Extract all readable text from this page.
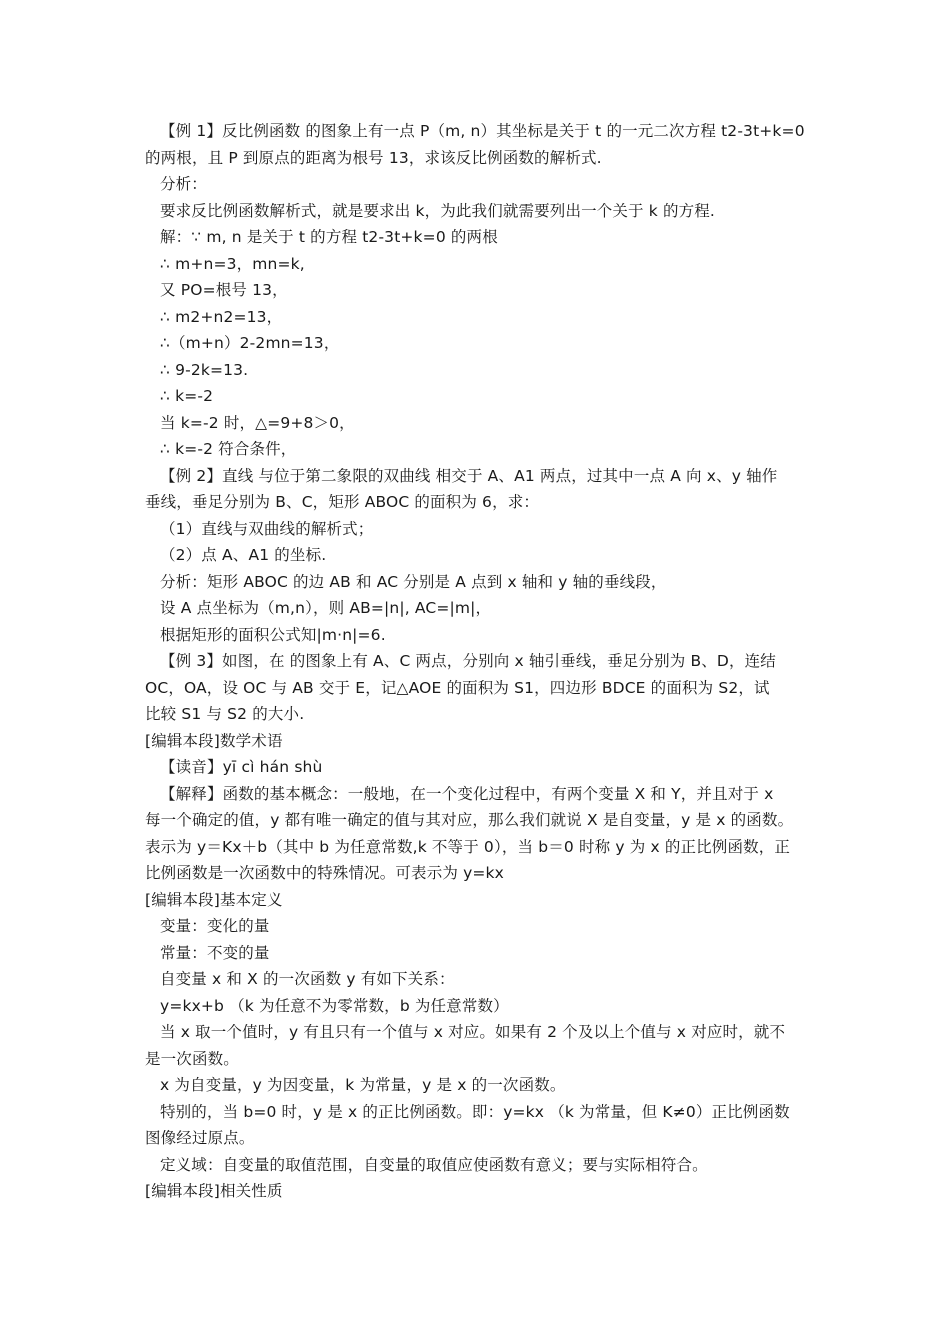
【例 1】反比例函数 的图象上有一点 P（m, n）其坐标是关于 t 的一元二次方程 t2-3t+k=0

的两根，且 P 到原点的距离为根号 13，求该反比例函数的解析式.

分析：

要求反比例函数解析式，就是要求出 k，为此我们就需要列出一个关于 k 的方程.

解：∵ m, n 是关于 t 的方程 t2-3t+k=0 的两根

∴ m+n=3，mn=k,

又 PO=根号 13，

∴ m2+n2=13，

∴（m+n）2-2mn=13，

∴ 9-2k=13.

∴ k=-2

当 k=-2 时，△=9+8＞0，

∴ k=-2 符合条件，

【例 2】直线 与位于第二象限的双曲线 相交于 A、A1 两点，过其中一点 A 向 x、y 轴作

垂线，垂足分别为 B、C，矩形 ABOC 的面积为 6，求：

（1）直线与双曲线的解析式；

（2）点 A、A1 的坐标.

分析：矩形 ABOC 的边 AB 和 AC 分别是 A 点到 x 轴和 y 轴的垂线段，

设 A 点坐标为（m,n），则 AB=|n|, AC=|m|，

根据矩形的面积公式知|m·n|=6.

【例 3】如图，在 的图象上有 A、C 两点，分别向 x 轴引垂线，垂足分别为 B、D，连结

OC，OA，设 OC 与 AB 交于 E，记△AOE 的面积为 S1，四边形 BDCE 的面积为 S2，试

比较 S1 与 S2 的大小.

[编辑本段]数学术语

【读音】yī cì hán shù

【解释】函数的基本概念：一般地，在一个变化过程中，有两个变量 X 和 Y，并且对于 x

每一个确定的值，y 都有唯一确定的值与其对应，那么我们就说 X 是自变量，y 是 x 的函数。

表示为 y＝Kx＋b（其中 b 为任意常数,k 不等于 0），当 b＝0 时称 y 为 x 的正比例函数，正

比例函数是一次函数中的特殊情况。可表示为 y=kx

[编辑本段]基本定义

变量：变化的量

常量：不变的量

自变量 x 和 X 的一次函数 y 有如下关系：

y=kx+b （k 为任意不为零常数，b 为任意常数）

当 x 取一个值时，y 有且只有一个值与 x 对应。如果有 2 个及以上个值与 x 对应时，就不

是一次函数。

x 为自变量，y 为因变量，k 为常量，y 是 x 的一次函数。

特别的，当 b=0 时，y 是 x 的正比例函数。即：y=kx （k 为常量，但 K≠0）正比例函数

图像经过原点。

定义域：自变量的取值范围，自变量的取值应使函数有意义；要与实际相符合。

[编辑本段]相关性质
